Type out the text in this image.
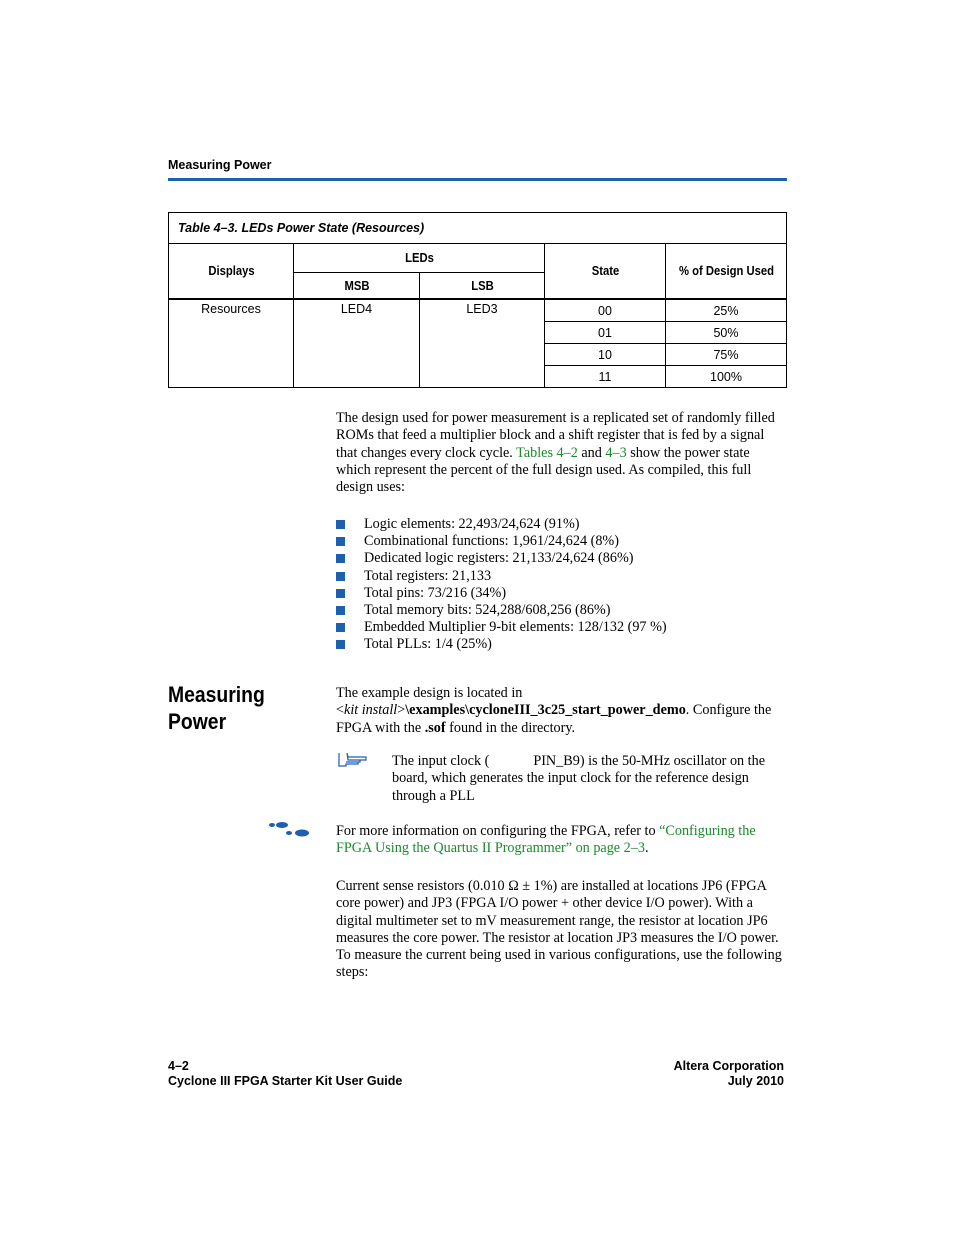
Measuring Power
Table 4–3. LEDs Power State (Resources)				
Displays	LEDs		State	% of Design Used
	MSB	LSB		
Resources	LED4	LED3	00	25%
			01	50%
			10	75%
			11	100%
The design used for power measurement is a replicated set of randomly filled ROMs that feed a multiplier block and a shift register that is fed by a signal that changes every clock cycle. Tables 4–2 and 4–3 show the power state which represent the percent of the full design used. As compiled, this full design uses:
Logic elements: 22,493/24,624 (91%)
Combinational functions: 1,961/24,624 (8%)
Dedicated logic registers: 21,133/24,624 (86%)
Total registers: 21,133
Total pins: 73/216 (34%)
Total memory bits: 524,288/608,256 (86%)
Embedded Multiplier 9-bit elements: 128/132 (97 %)
Total PLLs: 1/4 (25%)
Measuring
Power
The example design is located in
<kit install>\examples\cycloneIII_3c25_start_power_demo. Configure the FPGA with the .sof found in the directory.
The input clock (	PIN_B9) is the 50-MHz oscillator on the board, which generates the input clock for the reference design through a PLL
For more information on configuring the FPGA, refer to “Configuring the FPGA Using the Quartus II Programmer” on page 2–3.
Current sense resistors (0.010 Ω ± 1%) are installed at locations JP6 (FPGA core power) and JP3 (FPGA I/O power + other device I/O power). With a digital multimeter set to mV measurement range, the resistor at location JP6 measures the core power. The resistor at location JP3 measures the I/O power. To measure the current being used in various configurations, use the following steps:
4–2
Cyclone III FPGA Starter Kit User Guide
Altera Corporation
July 2010
